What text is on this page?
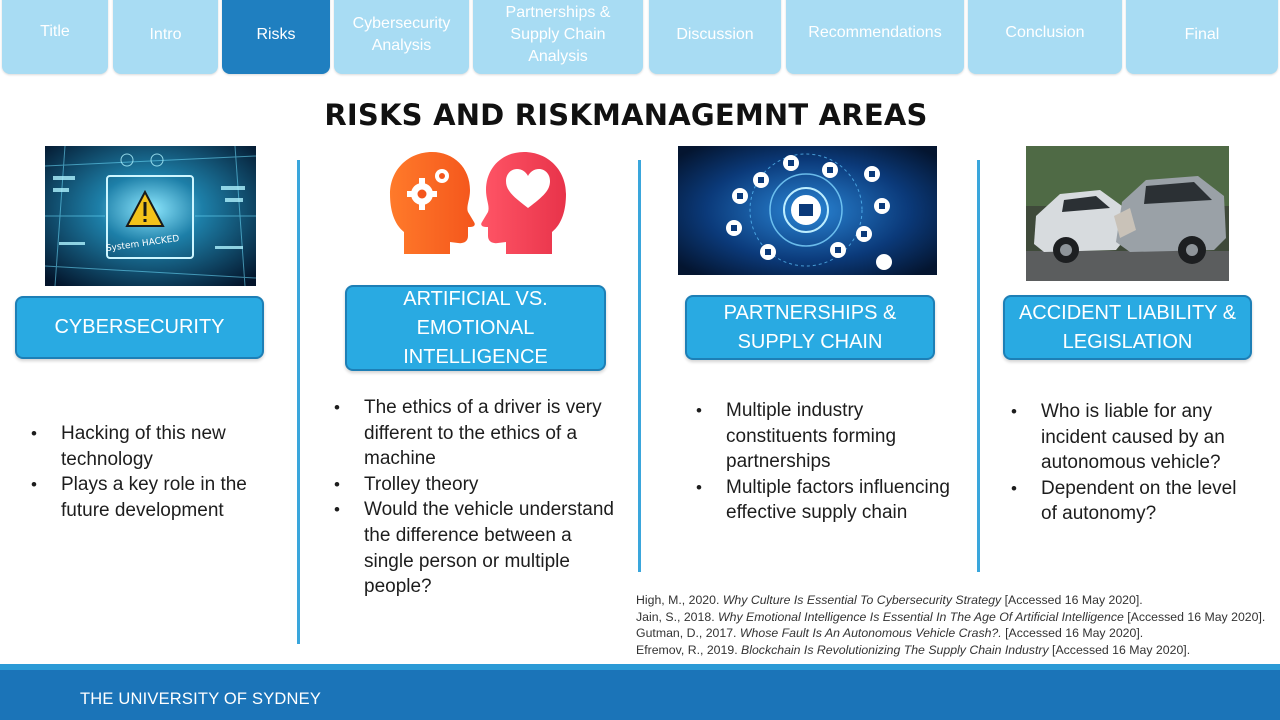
Title	Intro	Risks
Cybersecurity Analysis
Partnerships & Supply Chain Analysis
Discussion	Recommendations	Conclusion	Final
RISKS AND RISKMANAGEMNT AREAS
System HACKED
CYBERSECURITY
• Hacking of this new technology
• Plays a key role in the future development
ARTIFICIAL VS. EMOTIONAL INTELLIGENCE
• The ethics of a driver is very different to the ethics of a machine
• Trolley theory
• Would the vehicle understand the difference between a single person or multiple people?
PARTNERSHIPS & SUPPLY CHAIN
• Multiple industry constituents forming partnerships
• Multiple factors influencing effective supply chain
ACCIDENT LIABILITY & LEGISLATION
• Who is liable for any incident caused by an autonomous vehicle?
• Dependent on the level of autonomy?
High, M., 2020. Why Culture Is Essential To Cybersecurity Strategy [Accessed 16 May 2020].
Jain, S., 2018. Why Emotional Intelligence Is Essential In The Age Of Artificial Intelligence [Accessed 16 May 2020].
Gutman, D., 2017. Whose Fault Is An Autonomous Vehicle Crash?. [Accessed 16 May 2020].
Efremov, R., 2019. Blockchain Is Revolutionizing The Supply Chain Industry [Accessed 16 May 2020].
THE UNIVERSITY OF SYDNEY
